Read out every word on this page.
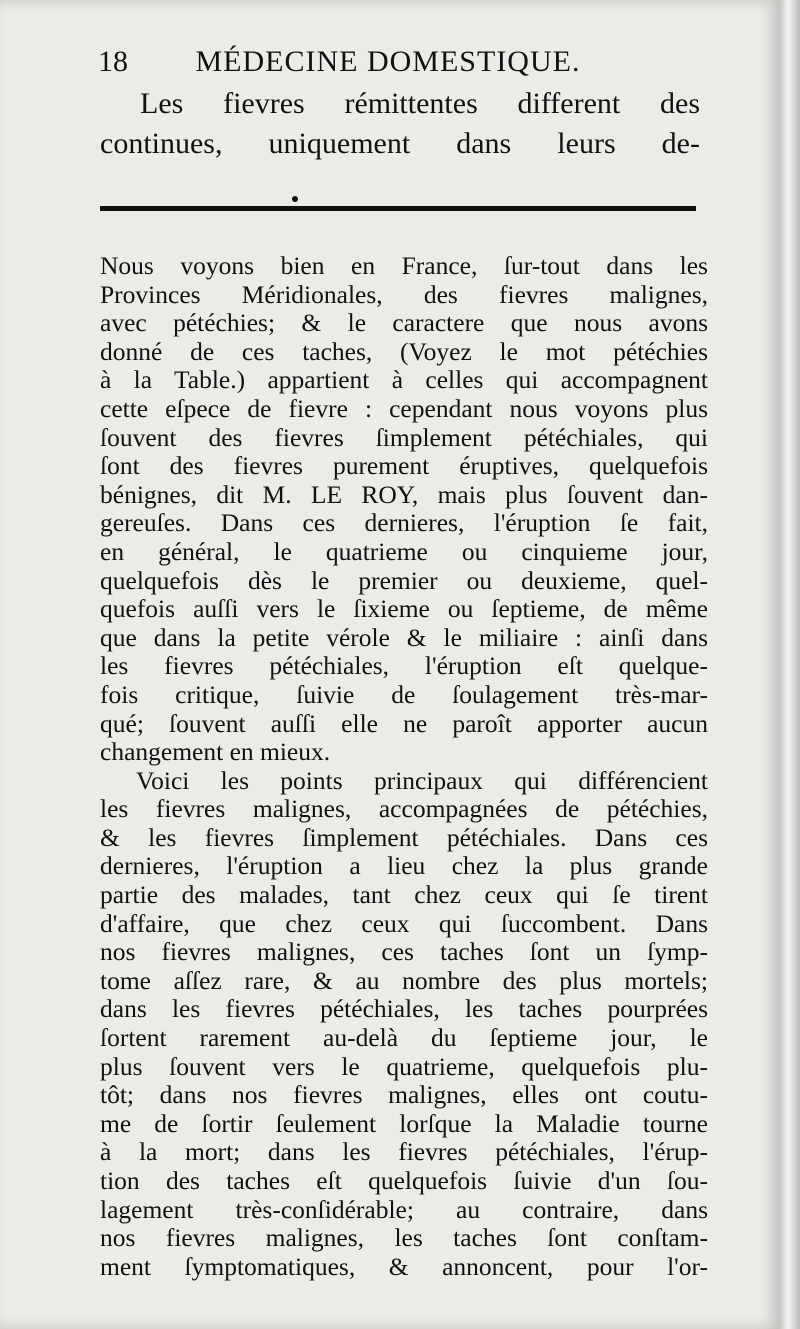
18 MÉDECINE DOMESTIQUE.
Les fievres rémittentes different des
continues, uniquement dans leurs de-
Nous voyons bien en France, ſur-tout dans les
Provinces Méridionales, des fievres malignes,
avec pétéchies; & le caractere que nous avons
donné de ces taches, (Voyez le mot pétéchies
à la Table.) appartient à celles qui accompagnent
cette eſpece de fievre : cependant nous voyons plus
ſouvent des fievres ſimplement pétéchiales, qui
ſont des fievres purement éruptives, quelquefois
bénignes, dit M. LE ROY, mais plus ſouvent dan-
gereuſes. Dans ces dernieres, l'éruption ſe fait,
en général, le quatrieme ou cinquieme jour,
quelquefois dès le premier ou deuxieme, quel-
quefois auſſi vers le ſixieme ou ſeptieme, de même
que dans la petite vérole & le miliaire : ainſi dans
les fievres pétéchiales, l'éruption eſt quelque-
fois critique, ſuivie de ſoulagement très-mar-
qué; ſouvent auſſi elle ne paroît apporter aucun
changement en mieux.
Voici les points principaux qui différencient
les fievres malignes, accompagnées de pétéchies,
& les fievres ſimplement pétéchiales. Dans ces
dernieres, l'éruption a lieu chez la plus grande
partie des malades, tant chez ceux qui ſe tirent
d'affaire, que chez ceux qui ſuccombent. Dans
nos fievres malignes, ces taches ſont un ſymp-
tome aſſez rare, & au nombre des plus mortels;
dans les fievres pétéchiales, les taches pourprées
ſortent rarement au-delà du ſeptieme jour, le
plus ſouvent vers le quatrieme, quelquefois plu-
tôt; dans nos fievres malignes, elles ont coutu-
me de ſortir ſeulement lorſque la Maladie tourne
à la mort; dans les fievres pétéchiales, l'érup-
tion des taches eſt quelquefois ſuivie d'un ſou-
lagement très-conſidérable; au contraire, dans
nos fievres malignes, les taches ſont conſtam-
ment ſymptomatiques, & annoncent, pour l'or-
